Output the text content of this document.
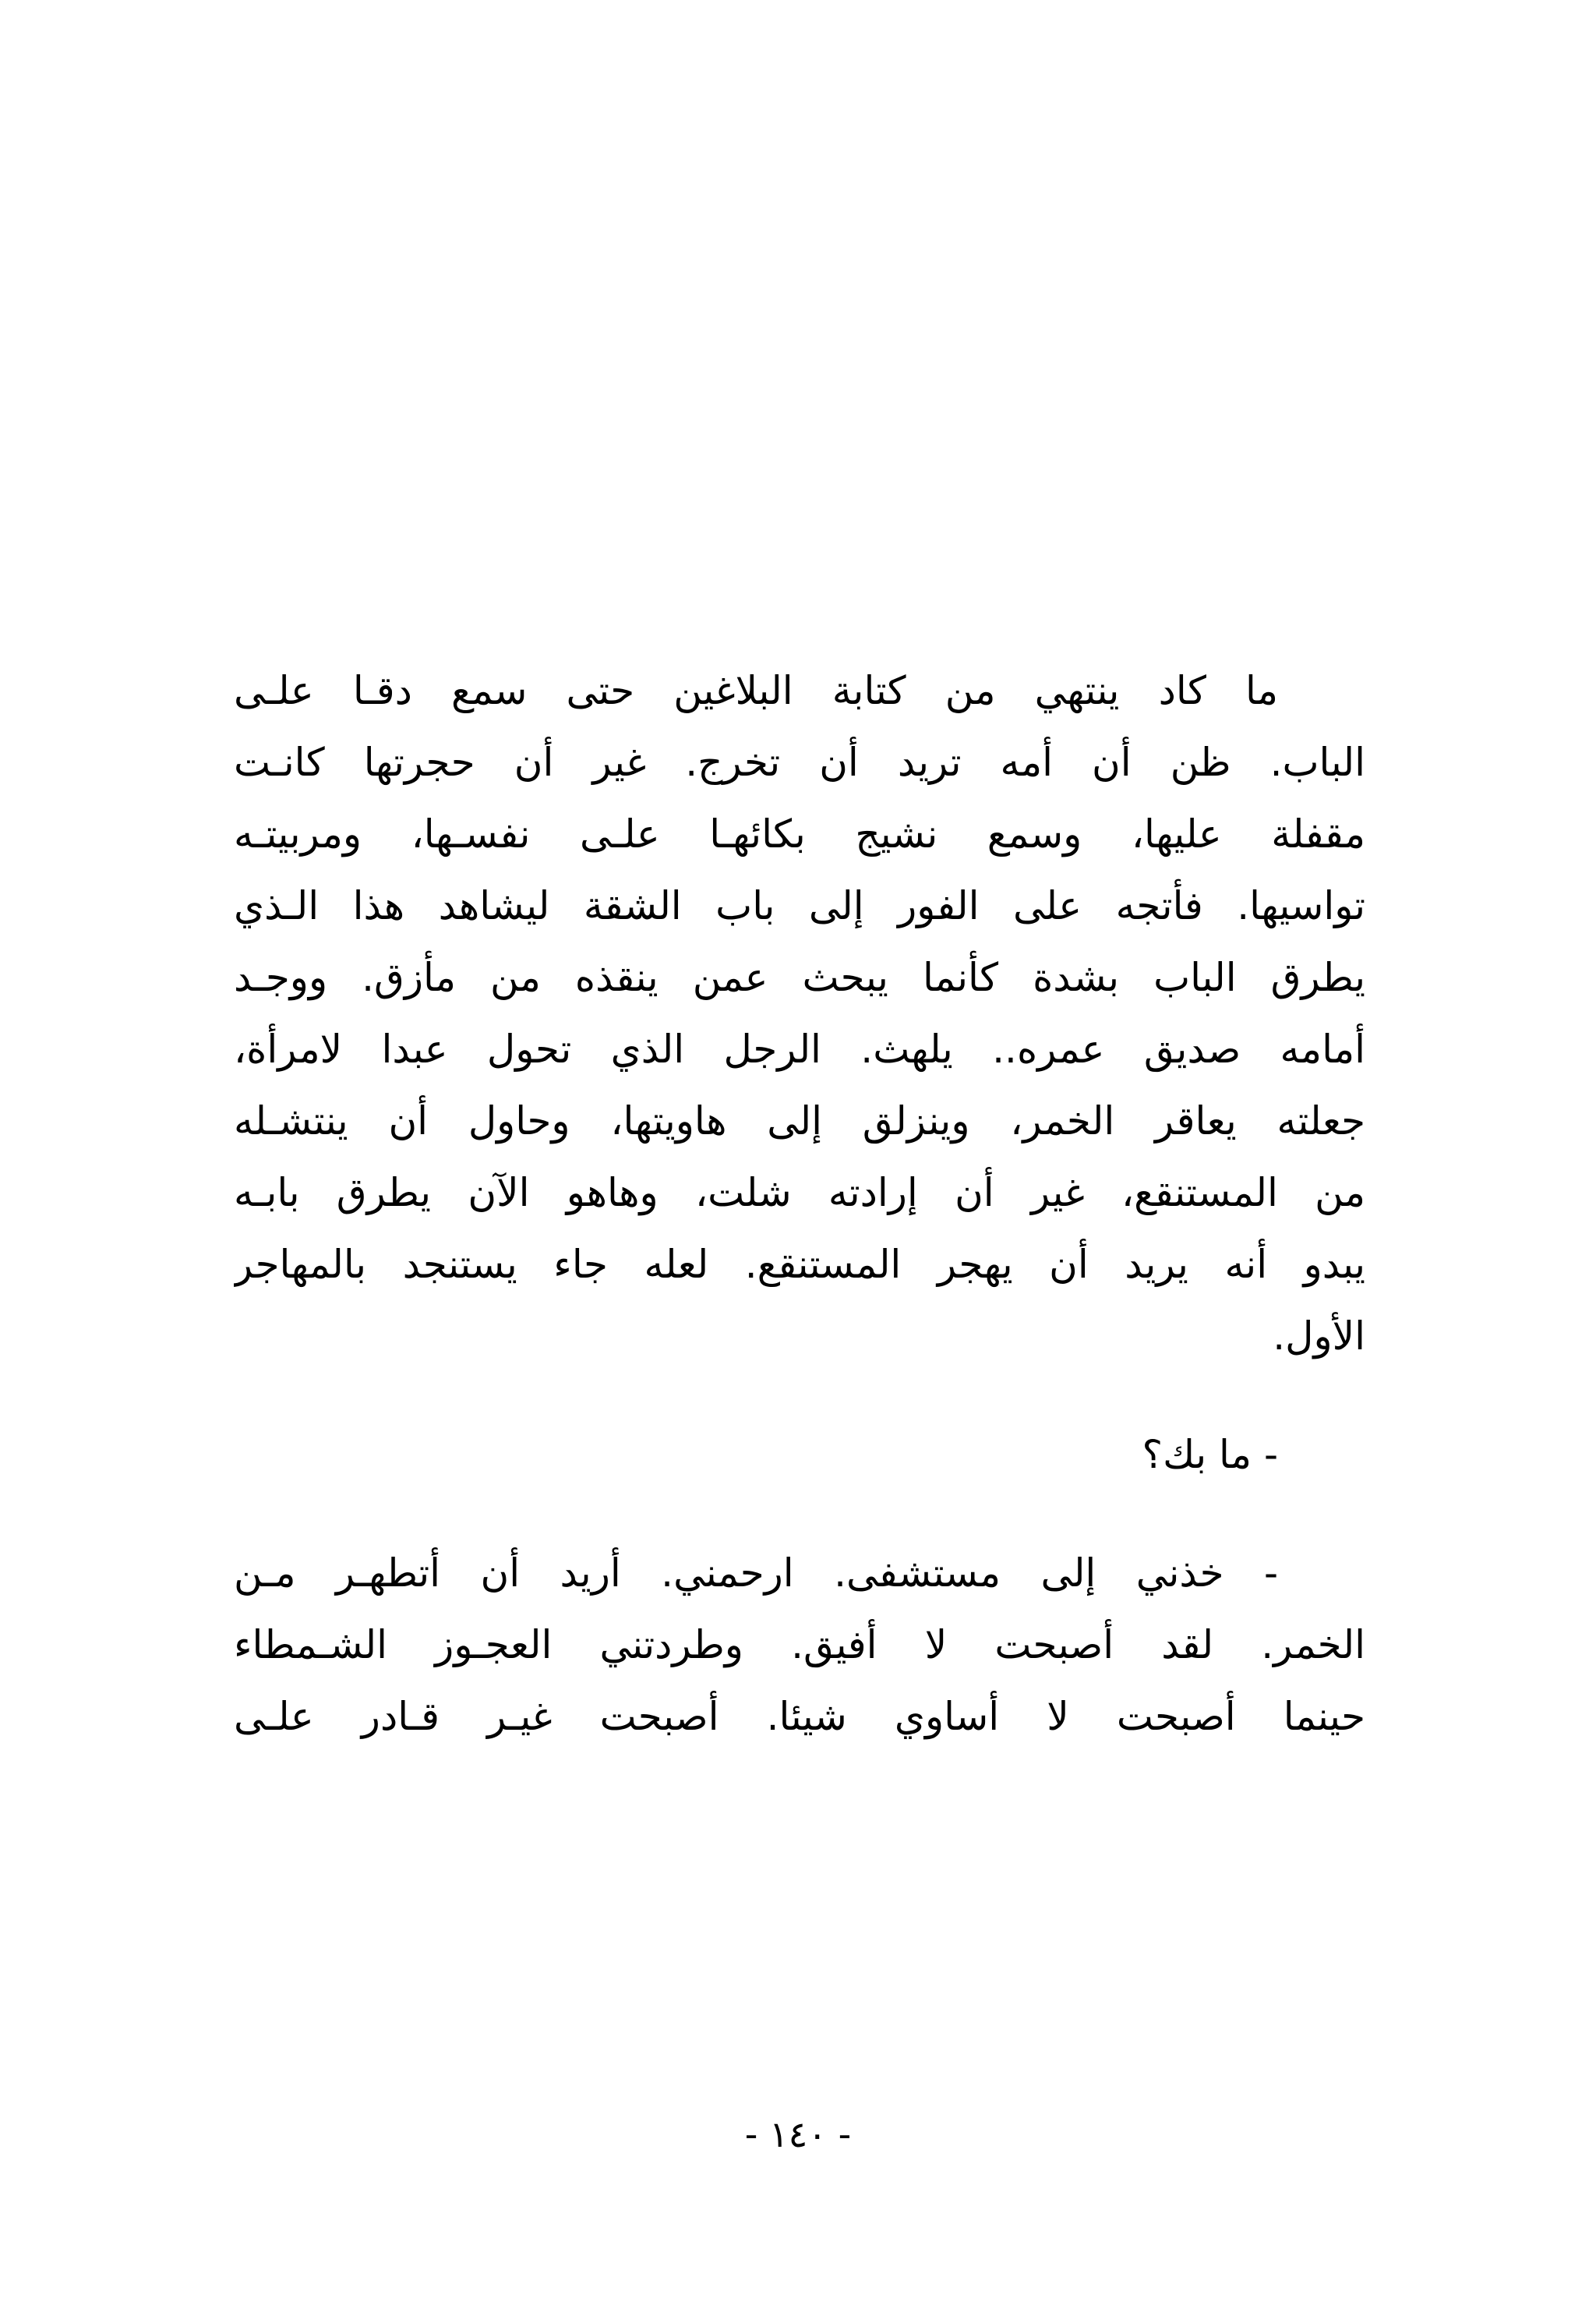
ما كاد ينتهي من كتابة البلاغين حتى سمع دقـا علـى
الباب. ظن أن أمه تريد أن تخرج. غير أن حجرتها كانـت
مقفلة عليها، وسمع نشيج بكائهـا علـى نفسـها، ومربيتـه
تواسيها. فأتجه على الفور إلى باب الشقة ليشاهد هذا الـذي
يطرق الباب بشدة كأنما يبحث عمن ينقذه من مأزق. ووجـد
أمامه صديق عمره.. يلهث. الرجل الذي تحول عبدا لامرأة،
جعلته يعاقر الخمر، وينزلق إلى هاويتها، وحاول أن ينتشـله
من المستنقع، غير أن إرادته شلت، وهاهو الآن يطرق بابـه
يبدو أنه يريد أن يهجر المستنقع. لعله جاء يستنجد بالمهاجر
الأول.
- ما بك؟
- خذني إلى مستشفى. ارحمني. أريد أن أتطهـر مـن
الخمر. لقد أصبحت لا أفيق. وطردتني العجـوز الشـمطاء
حينما أصبحت لا أساوي شيئا. أصبحت غيـر قـادر علـى
- ١٤٠ -
